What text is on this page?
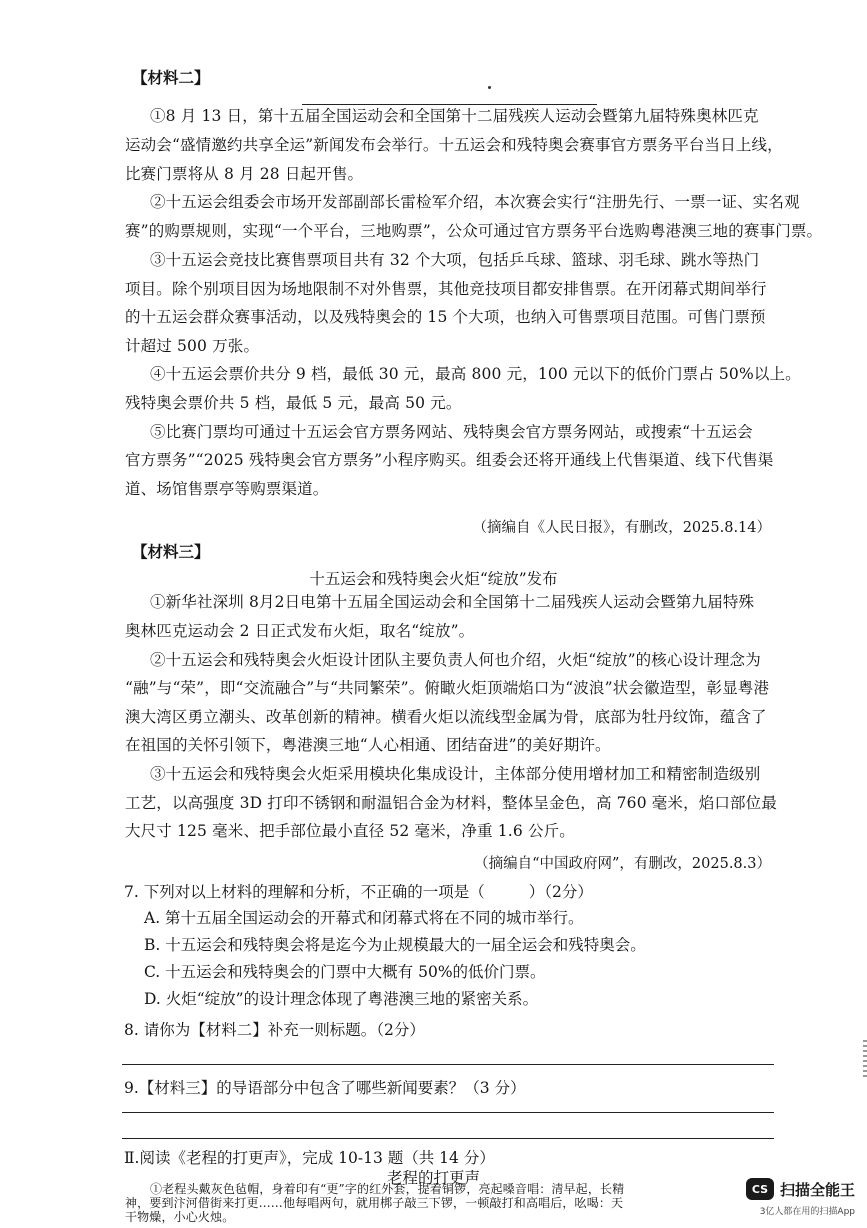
【材料二】
①8 月 13 日，第十五届全国运动会和全国第十二届残疾人运动会暨第九届特殊奥林匹克
运动会“盛情邀约共享全运”新闻发布会举行。十五运会和残特奥会赛事官方票务平台当日上线，
比赛门票将从 8 月 28 日起开售。
②十五运会组委会市场开发部副部长雷检军介绍，本次赛会实行“注册先行、一票一证、实名观
赛”的购票规则，实现“一个平台，三地购票”，公众可通过官方票务平台选购粤港澳三地的赛事门票。
③十五运会竞技比赛售票项目共有 32 个大项，包括乒乓球、篮球、羽毛球、跳水等热门
项目。除个别项目因为场地限制不对外售票，其他竞技项目都安排售票。在开闭幕式期间举行
的十五运会群众赛事活动，以及残特奥会的 15 个大项，也纳入可售票项目范围。可售门票预
计超过 500 万张。
④十五运会票价共分 9 档，最低 30 元，最高 800 元，100 元以下的低价门票占 50%以上。
残特奥会票价共 5 档，最低 5 元，最高 50 元。
⑤比赛门票均可通过十五运会官方票务网站、残特奥会官方票务网站，或搜索“十五运会
官方票务”“2025 残特奥会官方票务”小程序购买。组委会还将开通线上代售渠道、线下代售渠
道、场馆售票亭等购票渠道。
（摘编自《人民日报》，有删改，2025.8.14）
【材料三】
十五运会和残特奥会火炬“绽放”发布
①新华社深圳 8月2日电第十五届全国运动会和全国第十二届残疾人运动会暨第九届特殊
奥林匹克运动会 2 日正式发布火炬，取名“绽放”。
②十五运会和残特奥会火炬设计团队主要负责人何也介绍，火炬“绽放”的核心设计理念为
“融”与“荣”，即“交流融合”与“共同繁荣”。俯瞰火炬顶端焰口为“波浪”状会徽造型，彰显粤港
澳大湾区勇立潮头、改革创新的精神。横看火炬以流线型金属为骨，底部为牡丹纹饰，蕴含了
在祖国的关怀引领下，粤港澳三地“人心相通、团结奋进”的美好期许。
③十五运会和残特奥会火炬采用模块化集成设计，主体部分使用增材加工和精密制造级别
工艺，以高强度 3D 打印不锈钢和耐温铝合金为材料，整体呈金色，高 760 毫米，焰口部位最
大尺寸 125 毫米、把手部位最小直径 52 毫米，净重 1.6 公斤。
（摘编自“中国政府网”，有删改，2025.8.3）
7. 下列对以上材料的理解和分析，不正确的一项是（	）（2分）
A. 第十五届全国运动会的开幕式和闭幕式将在不同的城市举行。
B. 十五运会和残特奥会将是迄今为止规模最大的一届全运会和残特奥会。
C. 十五运会和残特奥会的门票中大概有 50%的低价门票。
D. 火炬“绽放”的设计理念体现了粤港澳三地的紧密关系。
8. 请你为【材料二】补充一则标题。（2分）
9.【材料三】的导语部分中包含了哪些新闻要素？（3 分）
Ⅱ.阅读《老程的打更声》，完成 10-13 题（共 14 分）
老程的打更声
①老程头戴灰色毡帽，身着印有“更”字的红外套，提着铜锣，亮起嗓音唱：清早起，长精
神，要到汴河借街来打更……他每唱两句，就用梆子敲三下锣，一顿敲打和高唱后，吆喝：天
干物燥，小心火烛。
CS 扫描全能王
3亿人都在用的扫描App
